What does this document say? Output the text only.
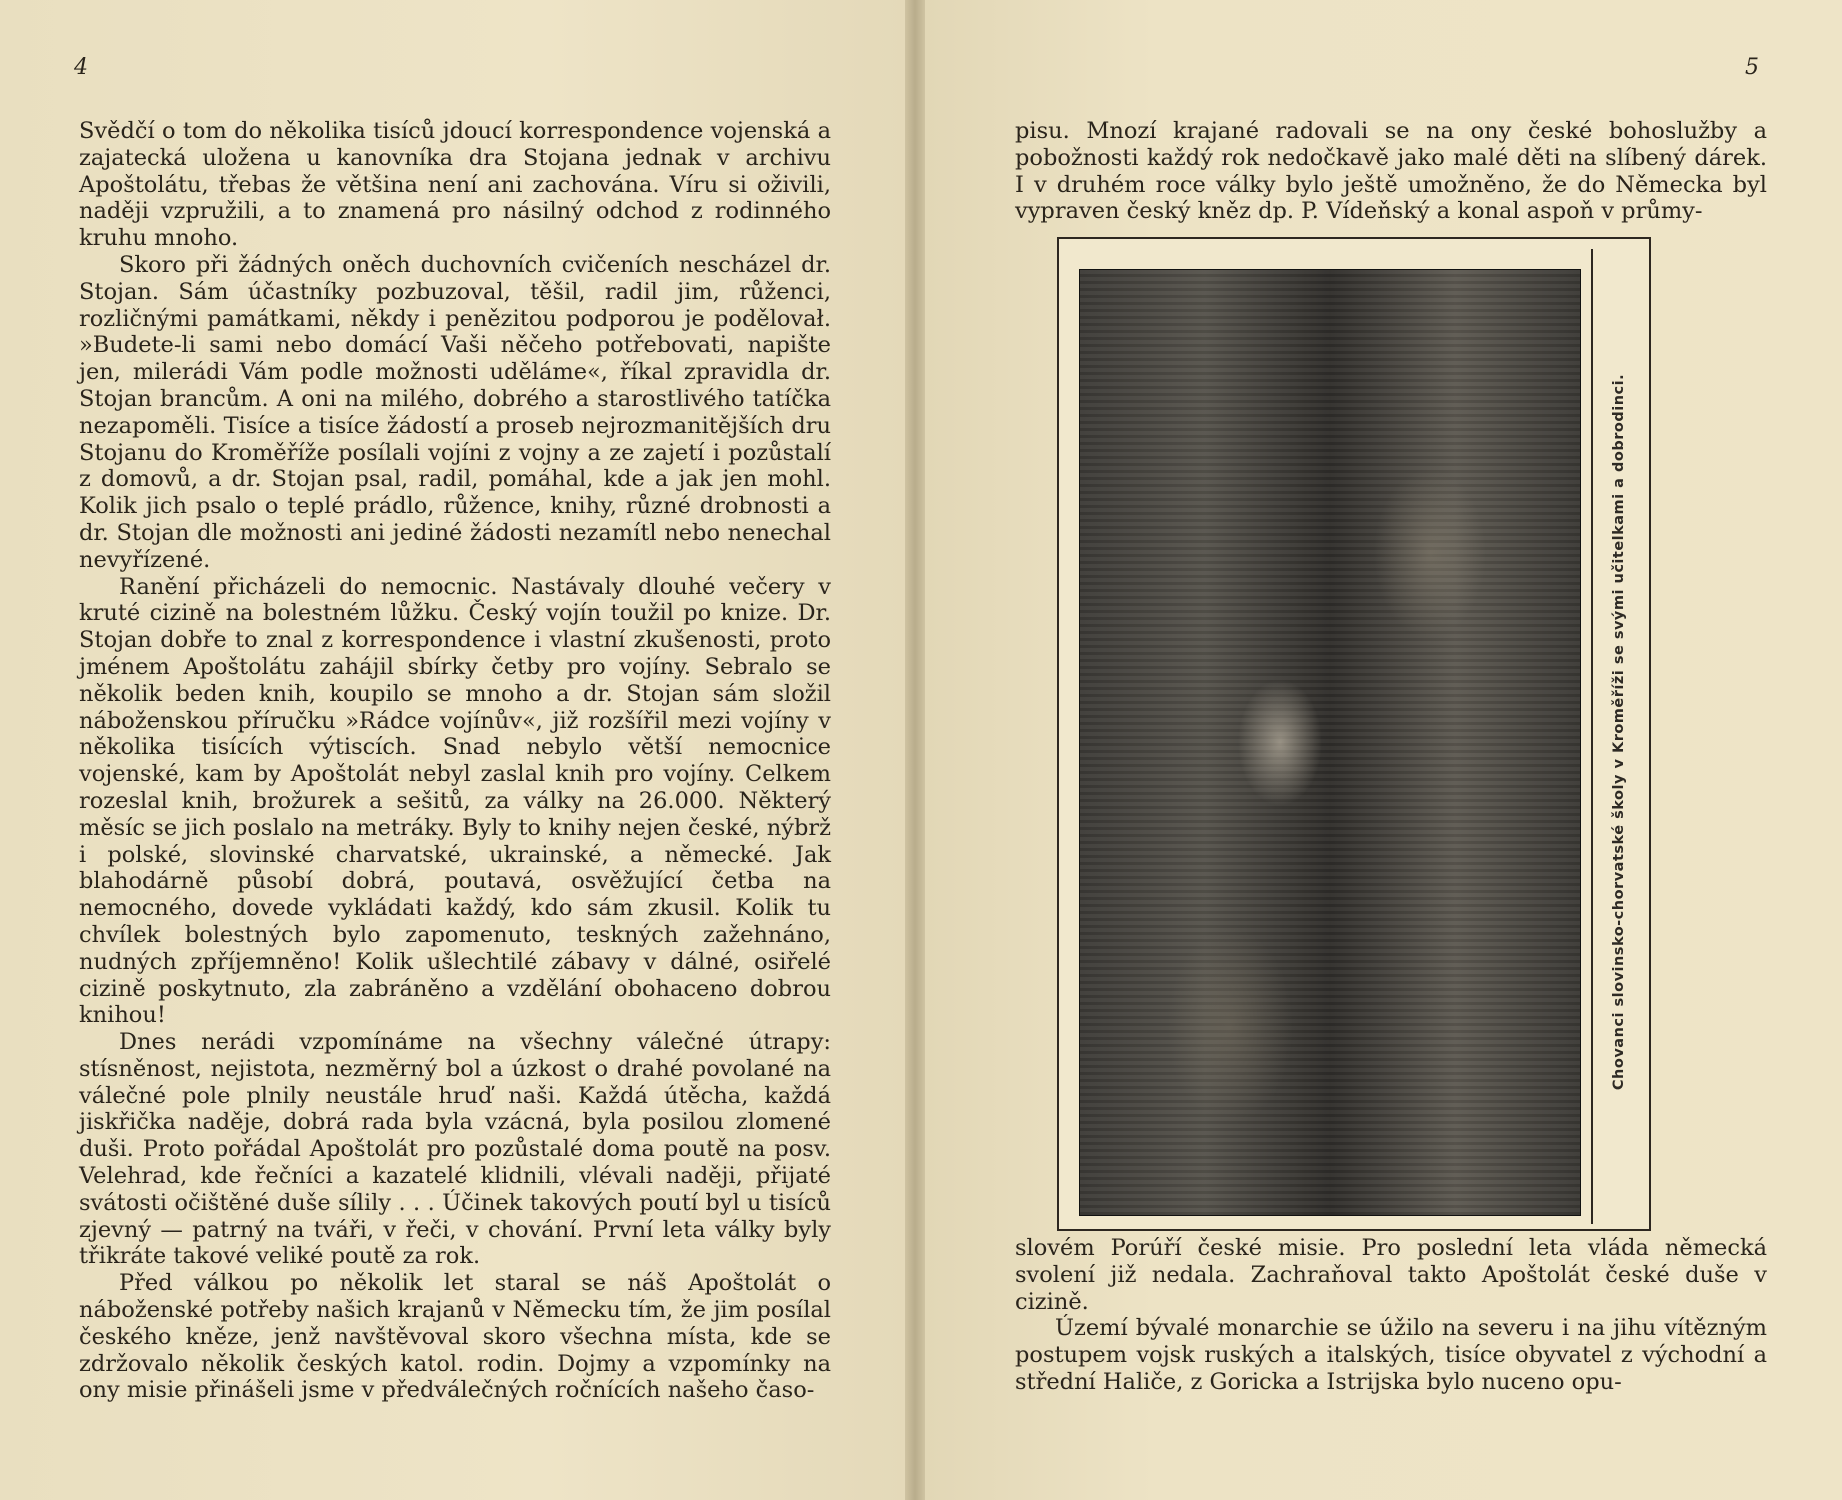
4

Svědčí o tom do několika tisíců jdoucí korrespondence vojenská a zajatecká uložena u kanovníka dra Stojana jednak v archivu Apoštolátu, třebas že většina není ani zachována. Víru si oživili, naději vzpružili, a to znamená pro násilný odchod z rodinného kruhu mnoho.

Skoro při žádných oněch duchovních cvičeních nescházel dr. Stojan. Sám účastníky pozbuzoval, těšil, radil jim, růženci, rozličnými památkami, někdy i penězitou podporou je podělovał. »Budete-li sami nebo domácí Vaši něčeho potřebovati, napište jen, milerádi Vám podle možnosti uděláme«, říkal zpravidla dr. Stojan brancům. A oni na milého, dobrého a starostlivého tatíčka nezapoměli. Tisíce a tisíce žádostí a proseb nejrozmanitějších dru Stojanu do Kroměříže posílali vojíni z vojny a ze zajetí i pozůstalí z domovů, a dr. Stojan psal, radil, pomáhal, kde a jak jen mohl. Kolik jich psalo o teplé prádlo, růžence, knihy, různé drobnosti a dr. Stojan dle možnosti ani jediné žádosti nezamítl nebo nenechal nevyřízené.

Ranění přicházeli do nemocnic. Nastávaly dlouhé večery v kruté cizině na bolestném lůžku. Český vojín toužil po knize. Dr. Stojan dobře to znal z korrespondence i vlastní zkušenosti, proto jménem Apoštolátu zahájil sbírky četby pro vojíny. Sebralo se několik beden knih, koupilo se mnoho a dr. Stojan sám složil náboženskou příručku »Rádce vojínův«, již rozšířil mezi vojíny v několika tisících výtiscích. Snad nebylo větší nemocnice vojenské, kam by Apoštolát nebyl zaslal knih pro vojíny. Celkem rozeslal knih, brožurek a sešitů, za války na 26.000. Některý měsíc se jich poslalo na metráky. Byly to knihy nejen české, nýbrž i polské, slovinské charvatské, ukrainské, a německé. Jak blahodárně působí dobrá, poutavá, osvěžující četba na nemocného, dovede vykládati každý, kdo sám zkusil. Kolik tu chvílek bolestných bylo zapomenuto, teskných zažehnáno, nudných zpříjemněno! Kolik ušlechtilé zábavy v dálné, osiřelé cizině poskytnuto, zla zabráněno a vzdělání obohaceno dobrou knihou!

Dnes nerádi vzpomínáme na všechny válečné útrapy: stísněnost, nejistota, nezměrný bol a úzkost o drahé povolané na válečné pole plnily neustále hruď naši. Každá útěcha, každá jiskřička naděje, dobrá rada byla vzácná, byla posilou zlomené duši. Proto pořádal Apoštolát pro pozůstalé doma poutě na posv. Velehrad, kde řečníci a kazatelé klidnili, vlévali naději, přijaté svátosti očištěné duše sílily . . . Účinek takových poutí byl u tisíců zjevný — patrný na tváři, v řeči, v chování. První leta války byly třikráte takové veliké poutě za rok.

Před válkou po několik let staral se náš Apoštolát o náboženské potřeby našich krajanů v Německu tím, že jim posílal českého kněze, jenž navštěvoval skoro všechna místa, kde se zdržovalo několik českých katol. rodin. Dojmy a vzpomínky na ony misie přinášeli jsme v předválečných ročnících našeho časo-

5

pisu. Mnozí krajané radovali se na ony české bohoslužby a pobožnosti každý rok nedočkavě jako malé děti na slíbený dárek. I v druhém roce války bylo ještě umožněno, že do Německa byl vypraven český kněz dp. P. Vídeňský a konal aspoň v průmy-

Chovanci slovinsko-chorvatské školy v Kroměříži se svými učitelkami a dobrodinci.

slovém Porúří české misie. Pro poslední leta vláda německá svolení již nedala. Zachraňoval takto Apoštolát české duše v cizině.

Území bývalé monarchie se úžilo na severu i na jihu vítězným postupem vojsk ruských a italských, tisíce obyvatel z východní a střední Haliče, z Goricka a Istrijska bylo nuceno opu-
